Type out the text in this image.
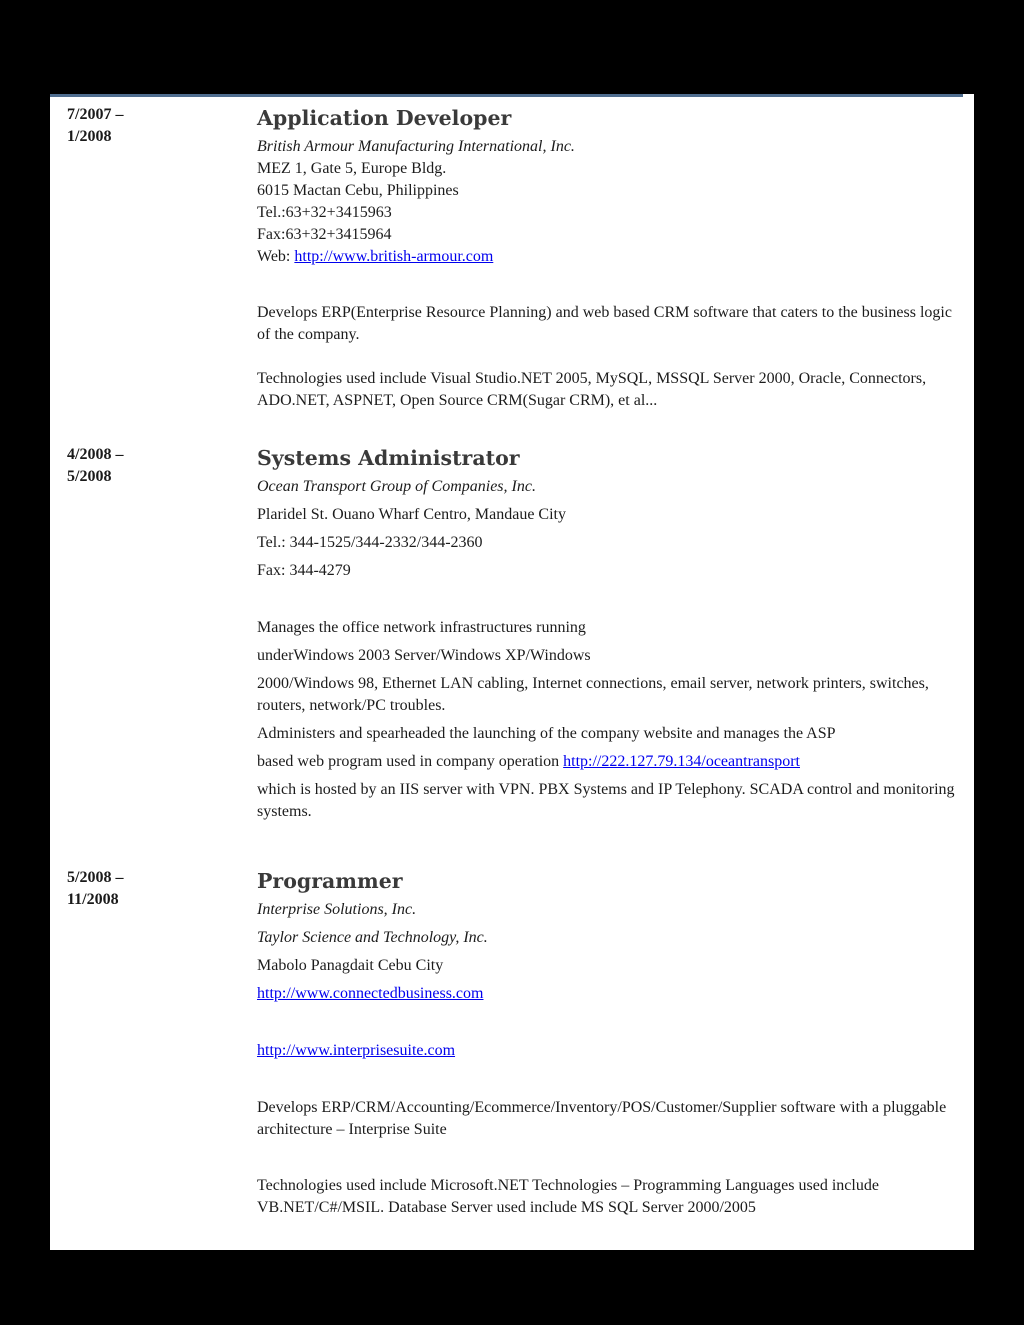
7/2007 –
1/2008
Application Developer
British Armour Manufacturing International, Inc.
MEZ 1, Gate 5, Europe Bldg.
6015 Mactan Cebu, Philippines
Tel.:63+32+3415963
Fax:63+32+3415964
Web: http://www.british-armour.com
Develops ERP(Enterprise Resource Planning) and web based CRM software that caters to the business logic of the company.
Technologies used include Visual Studio.NET 2005, MySQL, MSSQL Server 2000, Oracle, Connectors, ADO.NET, ASPNET, Open Source CRM(Sugar CRM), et al...
4/2008 –
5/2008
Systems Administrator
Ocean Transport Group of Companies, Inc.
Plaridel St. Ouano Wharf Centro, Mandaue City
Tel.: 344-1525/344-2332/344-2360
Fax: 344-4279
Manages the office network infrastructures running
underWindows 2003 Server/Windows XP/Windows
2000/Windows 98, Ethernet LAN cabling, Internet connections, email server, network printers, switches, routers, network/PC troubles.
Administers and spearheaded the launching of the company website and manages the ASP
based web program used in company operation http://222.127.79.134/oceantransport
which is hosted by an IIS server with VPN. PBX Systems and IP Telephony. SCADA control and monitoring systems.
5/2008 –
11/2008
Programmer
Interprise Solutions, Inc.
Taylor Science and Technology, Inc.
Mabolo Panagdait Cebu City
http://www.connectedbusiness.com
http://www.interprisesuite.com
Develops ERP/CRM/Accounting/Ecommerce/Inventory/POS/Customer/Supplier software with a pluggable architecture – Interprise Suite
Technologies used include Microsoft.NET Technologies – Programming Languages used include VB.NET/C#/MSIL. Database Server used include MS SQL Server 2000/2005
